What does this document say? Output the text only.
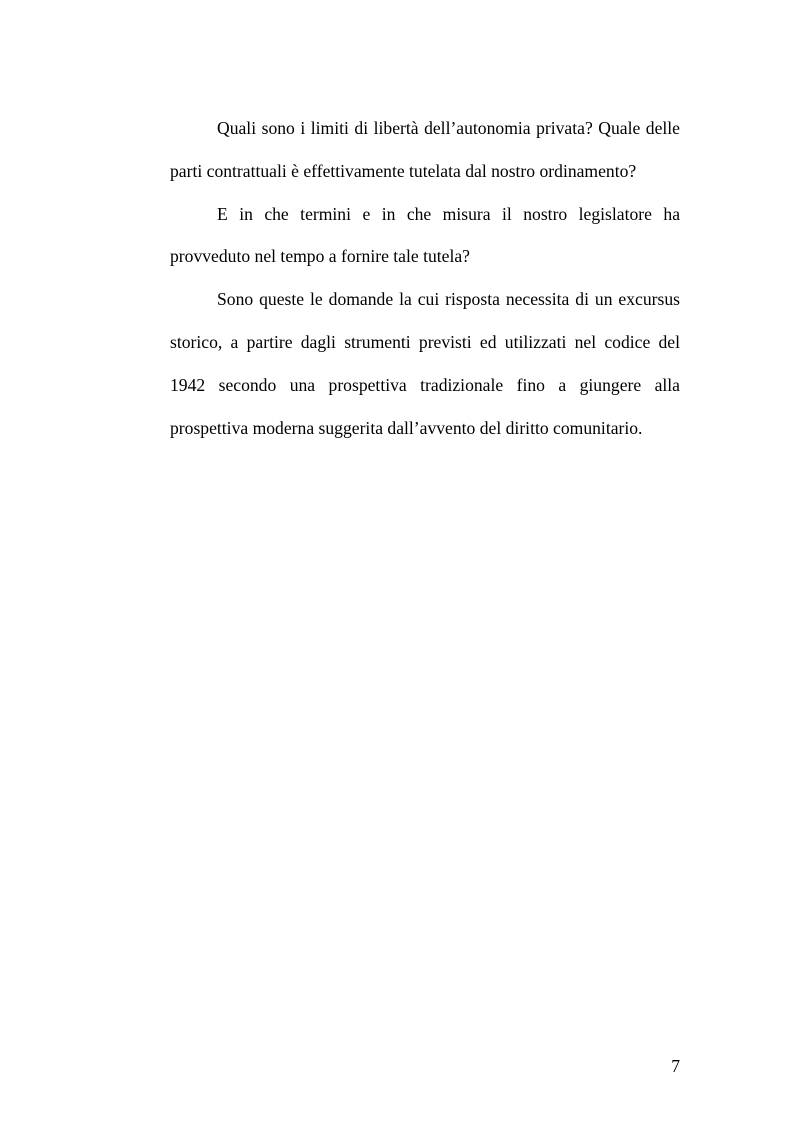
Quali sono i limiti di libertà dell’autonomia privata? Quale delle parti contrattuali è effettivamente tutelata dal nostro ordinamento?

E in che termini e in che misura il nostro legislatore ha provveduto nel tempo a fornire tale tutela?

Sono queste le domande la cui risposta necessita di un excursus storico, a partire dagli strumenti previsti ed utilizzati nel codice del 1942 secondo una prospettiva tradizionale fino a giungere alla prospettiva moderna suggerita dall’avvento del diritto comunitario.

7
